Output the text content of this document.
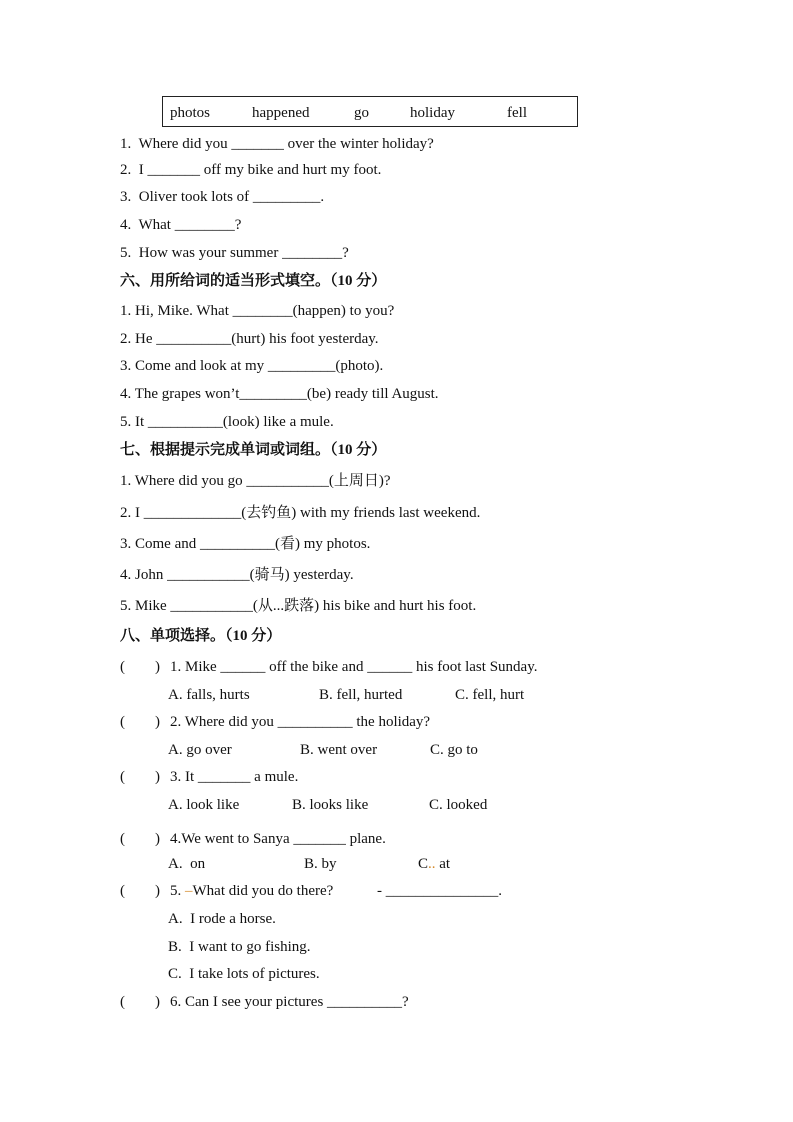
photos	happened	go	holiday	fell
1.  Where did you _______ over the winter holiday?
2.  I _______ off my bike and hurt my foot.
3.  Oliver took lots of _________.
4.  What ________?
5.  How was your summer ________?
六、用所给词的适当形式填空。（10 分）
1. Hi, Mike. What ________(happen) to you?
2. He __________(hurt) his foot yesterday.
3. Come and look at my _________(photo).
4. The grapes won’t_________(be) ready till August.
5. It __________(look) like a mule.
七、根据提示完成单词或词组。（10 分）
1. Where did you go ___________(上周日)?
2. I _____________(去钓鱼) with my friends last weekend.
3. Come and __________(看) my photos.
4. John ___________(骑马) yesterday.
5. Mike ___________(从...跌落) his bike and hurt his foot.
八、单项选择。（10 分）
(        ) 1. Mike ______ off the bike and ______ his foot last Sunday.
A. falls, hurts	B. fell, hurted	C. fell, hurt
(        ) 2. Where did you __________ the holiday?
A. go over	B. went over	C. go to
(        ) 3. It _______ a mule.
A. look like	B. looks like	C. looked
(        ) 4.We went to Sanya _______ plane.
A.  on	B. by	C.. at
(        ) 5. –What did you do there?	- _______________.
A.  I rode a horse.
B.  I want to go fishing.
C.  I take lots of pictures.
(        ) 6. Can I see your pictures __________?
